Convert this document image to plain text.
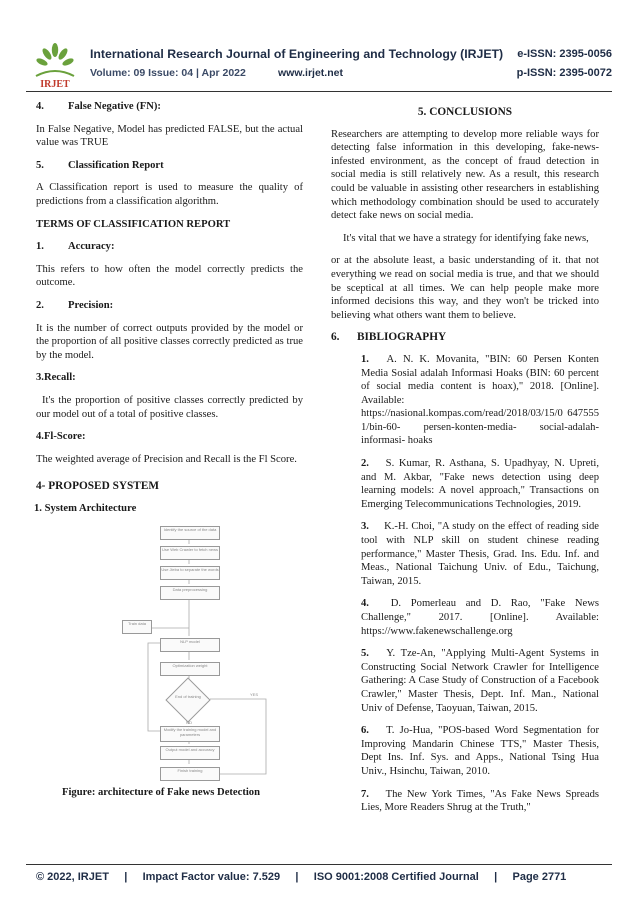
IRJET
International Research Journal of Engineering and Technology (IRJET)
Volume: 09 Issue: 04 | Apr 2022	www.irjet.net
e-ISSN: 2395-0056
p-ISSN: 2395-0072
4. False Negative (FN):

In False Negative, Model has predicted FALSE, but the actual value was TRUE

5. Classification Report

A Classification report is used to measure the quality of predictions from a classification algorithm.

TERMS OF CLASSIFICATION REPORT
1. Accuracy:

This refers to how often the model correctly predicts the outcome.

2. Precision:

It is the number of correct outputs provided by the model or the proportion of all positive classes correctly predicted as true by the model.

3.Recall:

It's the proportion of positive classes correctly predicted by our model out of a total of positive classes.

4.Fl-Score:

The weighted average of Precision and Recall is the Fl Score.

4- PROPOSED SYSTEM
1. System Architecture
Identify the source of the data
Use Web Crawler to fetch news
Use Jieba to separate the words
Data preprocessing
Train data
NLP model
Optimization weight
End of training	YES
NO
Modify the training model and parameters
Output model and accuracy
Finish training
Figure: architecture of Fake news Detection
5. CONCLUSIONS

Researchers are attempting to develop more reliable ways for detecting false information in this developing, fake-news- infested environment, as the concept of fraud detection in social media is still relatively new. As a result, this research could be valuable in assisting other researchers in establishing which methodology combination should be used to accurately detect fake news on social media.

It's vital that we have a strategy for identifying fake news,

or at the absolute least, a basic understanding of it. that not everything we read on social media is true, and that we should be sceptical at all times. We can help people make more informed decisions this way, and they won't be tricked into believing what others want them to believe.

6. BIBLIOGRAPHY
1. A. N. K. Movanita, "BIN: 60 Persen Konten Media Sosial adalah Informasi Hoaks (BIN: 60 percent of social media content is hoax)," 2018. [Online]. Available: https://nasional.kompas.com/read/2018/03/15/0 647555 1/bin-60- persen-konten-media- social-adalah- informasi- hoaks
2. S. Kumar, R. Asthana, S. Upadhyay, N. Upreti, and M. Akbar, "Fake news detection using deep learning models: A novel approach," Transactions on Emerging Telecommunications Technologies, 2019.
3. K.-H. Choi, "A study on the effect of reading side tool with NLP skill on student chinese reading performance," Master Thesis, Grad. Ins. Edu. Inf. and Meas., National Taichung Univ. of Edu., Taichung, Taiwan, 2015.
4. D. Pomerleau and D. Rao, "Fake News Challenge," 2017. [Online]. Available: https://www.fakenewschallenge.org
5. Y. Tze-An, "Applying Multi-Agent Systems in Constructing Social Network Crawler for Intelligence Gathering: A Case Study of Construction of a Facebook Crawler," Master Thesis, Dept. Inf. Man., National Univ of Defense, Taoyuan, Taiwan, 2015.
6. T. Jo-Hua, "POS-based Word Segmentation for Improving Mandarin Chinese TTS," Master Thesis, Dept Ins. Inf. Sys. and Apps., National Tsing Hua Univ., Hsinchu, Taiwan, 2010.
7. The New York Times, "As Fake News Spreads Lies, More Readers Shrug at the Truth,"
© 2022, IRJET     |     Impact Factor value: 7.529     |     ISO 9001:2008 Certified Journal     |     Page 2771
